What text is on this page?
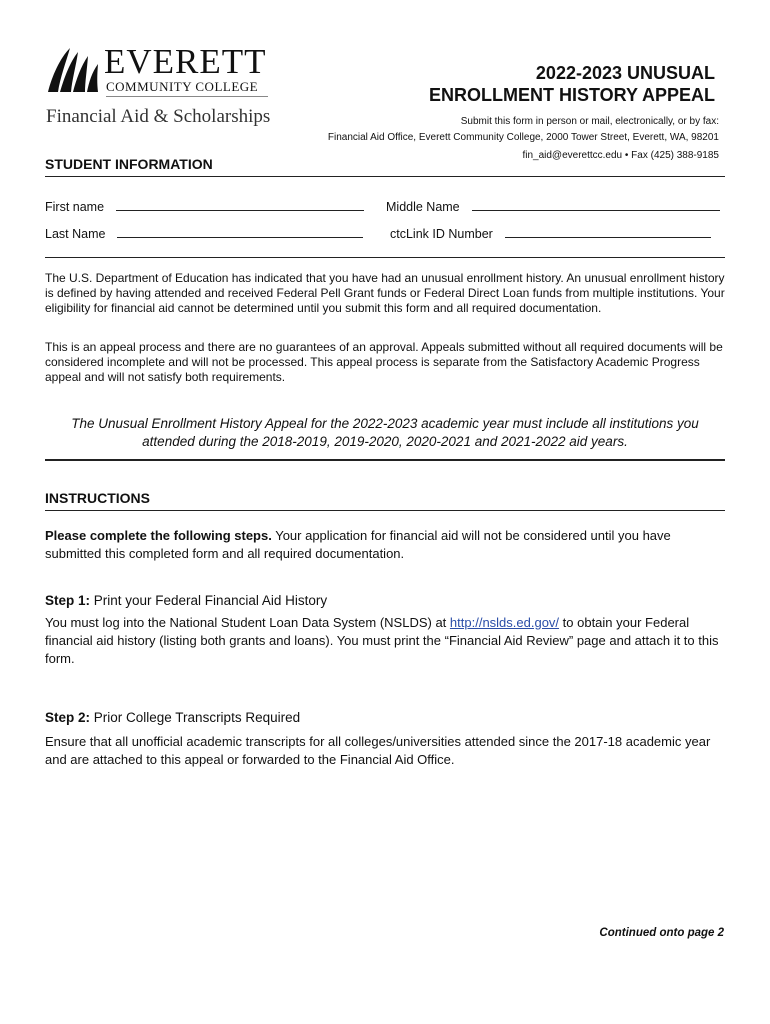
EVERETT
COMMUNITY COLLEGE
Financial Aid & Scholarships
2022-2023 UNUSUAL
ENROLLMENT HISTORY APPEAL
Submit this form in person or mail, electronically, or by fax:
Financial Aid Office, Everett Community College, 2000 Tower Street, Everett, WA, 98201
fin_aid@everettcc.edu • Fax (425) 388-9185
STUDENT INFORMATION
First name	Middle Name
Last Name	ctcLink ID Number
The U.S. Department of Education has indicated that you have had an unusual enrollment history. An unusual enrollment history is defined by having attended and received Federal Pell Grant funds or Federal Direct Loan funds from multiple institutions. Your eligibility for financial aid cannot be determined until you submit this form and all required documentation.
This is an appeal process and there are no guarantees of an approval. Appeals submitted without all required documents will be considered incomplete and will not be processed. This appeal process is separate from the Satisfactory Academic Progress appeal and will not satisfy both requirements.
The Unusual Enrollment History Appeal for the 2022-2023 academic year must include all institutions you attended during the 2018-2019, 2019-2020, 2020-2021 and 2021-2022 aid years.
INSTRUCTIONS
Please complete the following steps. Your application for financial aid will not be considered until you have submitted this completed form and all required documentation.
Step 1: Print your Federal Financial Aid History
You must log into the National Student Loan Data System (NSLDS) at http://nslds.ed.gov/ to obtain your Federal financial aid history (listing both grants and loans). You must print the “Financial Aid Review” page and attach it to this form.
Step 2: Prior College Transcripts Required
Ensure that all unofficial academic transcripts for all colleges/universities attended since the 2017-18 academic year and are attached to this appeal or forwarded to the Financial Aid Office.
Continued onto page 2
